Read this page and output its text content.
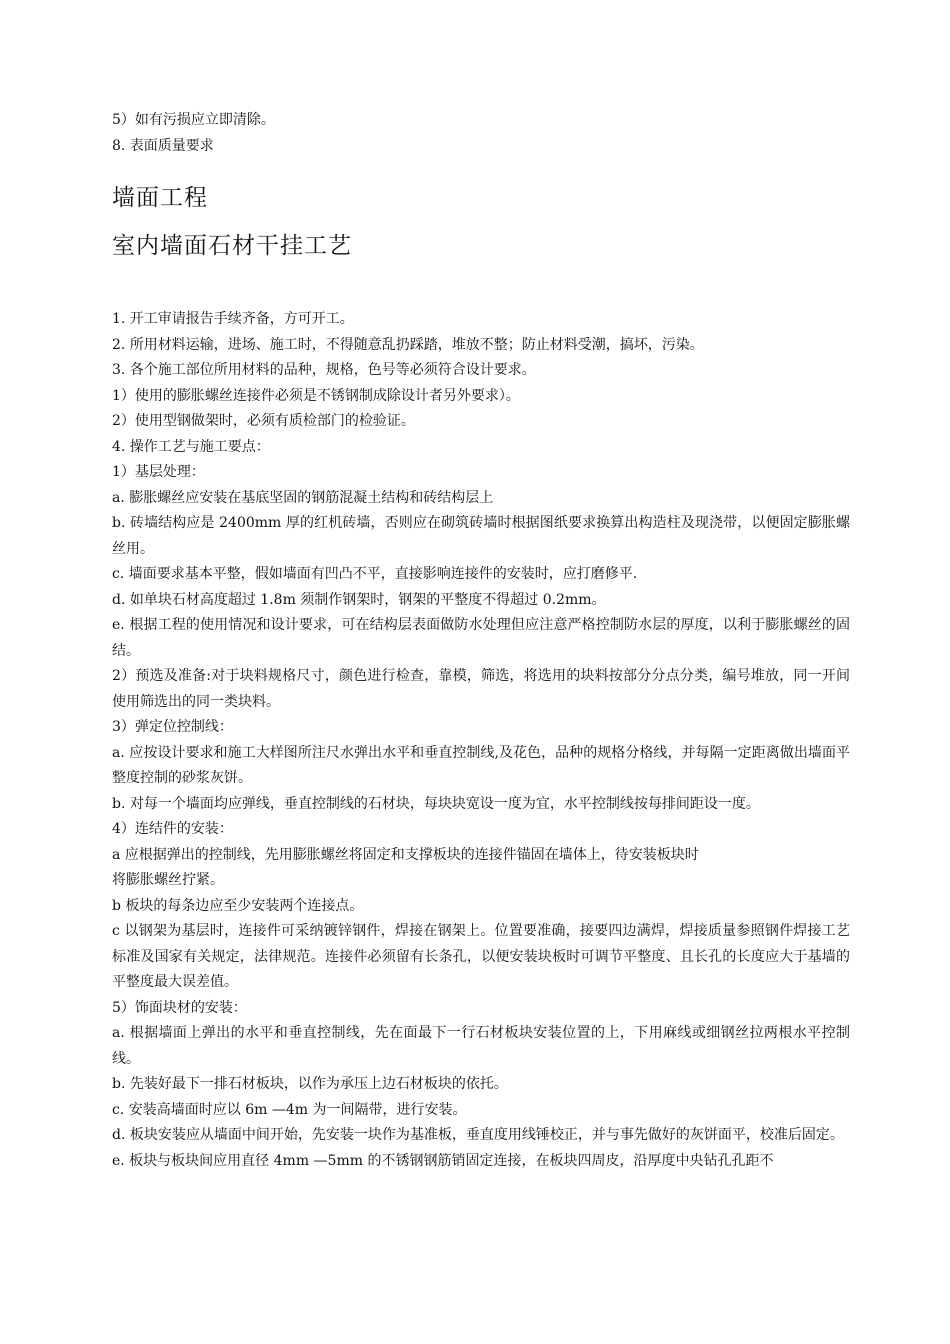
5）如有污损应立即清除。
8. 表面质量要求
墙面工程
室内墙面石材干挂工艺
1. 开工审请报告手续齐备，方可开工。
2. 所用材料运输，进场、施工时，不得随意乱扔踩踏，堆放不整；防止材料受潮，搞坏，污染。
3. 各个施工部位所用材料的品种，规格，色号等必须符合设计要求。
1）使用的膨胀螺丝连接件必须是不锈钢制成除设计者另外要求）。
2）使用型钢做架时，必须有质检部门的检验证。
4. 操作工艺与施工要点：
1）基层处理：
a. 膨胀螺丝应安装在基底坚固的钢筋混凝土结构和砖结构层上
b. 砖墙结构应是 2400mm 厚的红机砖墙，否则应在砌筑砖墙时根据图纸要求换算出构造柱及现浇带，以便固定膨胀螺丝用。
c. 墙面要求基本平整，假如墙面有凹凸不平，直接影响连接件的安装时，应打磨修平.
d. 如单块石材高度超过 1.8m 须制作钢架时，钢架的平整度不得超过 0.2mm。
e. 根据工程的使用情况和设计要求，可在结构层表面做防水处理但应注意严格控制防水层的厚度，以利于膨胀螺丝的固结。
2）预选及准备:对于块料规格尺寸，颜色进行检查，靠模，筛选，将选用的块料按部分分点分类，编号堆放，同一开间使用筛选出的同一类块料。
3）弹定位控制线：
a. 应按设计要求和施工大样图所注尺水弹出水平和垂直控制线,及花色，品种的规格分格线，并每隔一定距离做出墙面平整度控制的砂浆灰饼。
b. 对每一个墙面均应弹线，垂直控制线的石材块，每块块宽设一度为宜，水平控制线按每排间距设一度。
4）连结件的安装：
a 应根据弹出的控制线，先用膨胀螺丝将固定和支撑板块的连接件锚固在墙体上，待安装板块时
将膨胀螺丝拧紧。
b 板块的每条边应至少安装两个连接点。
c 以钢架为基层时，连接件可采纳镀锌钢件，焊接在钢架上。位置要准确，接要四边满焊，焊接质量参照钢件焊接工艺标准及国家有关规定，法律规范。连接件必须留有长条孔，以便安装块板时可调节平整度、且长孔的长度应大于基墙的平整度最大误差值。
5）饰面块材的安装：
a. 根据墙面上弹出的水平和垂直控制线，先在面最下一行石材板块安装位置的上，下用麻线或细钢丝拉两根水平控制线。
b. 先装好最下一排石材板块，以作为承压上边石材板块的依托。
c. 安装高墙面时应以 6m —4m 为一间隔带，进行安装。
d. 板块安装应从墙面中间开始，先安装一块作为基准板，垂直度用线锤校正，并与事先做好的灰饼面平，校准后固定。
e. 板块与板块间应用直径 4mm —5mm 的不锈钢钢筋销固定连接，在板块四周皮，沿厚度中央钻孔孔距不
